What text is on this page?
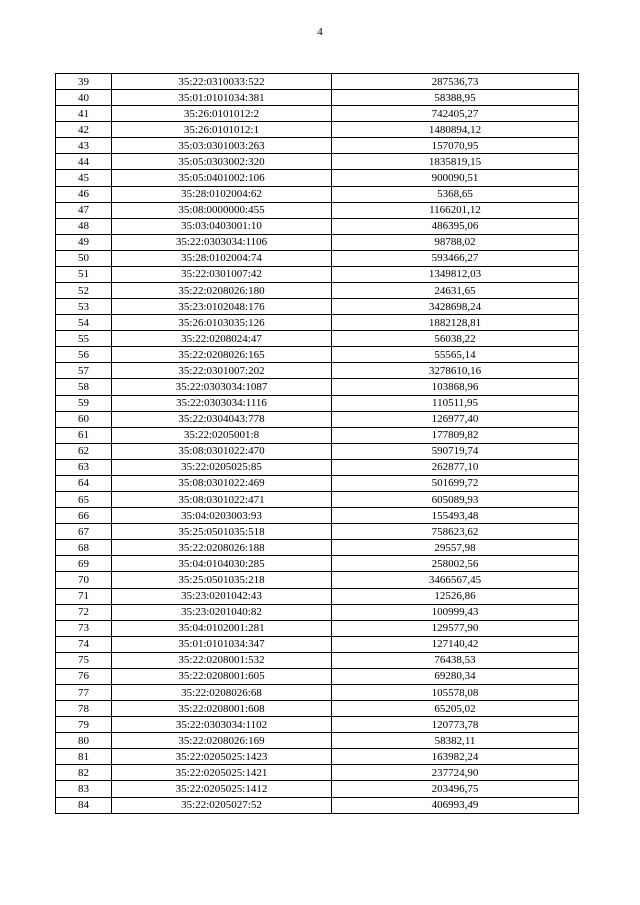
4
39	35:22:0310033:522	287536,73
40	35:01:0101034:381	58388,95
41	35:26:0101012:2	742405,27
42	35:26:0101012:1	1480894,12
43	35:03:0301003:263	157070,95
44	35:05:0303002:320	1835819,15
45	35:05:0401002:106	900090,51
46	35:28:0102004:62	5368,65
47	35:08:0000000:455	1166201,12
48	35:03:0403001:10	486395,06
49	35:22:0303034:1106	98788,02
50	35:28:0102004:74	593466,27
51	35:22:0301007:42	1349812,03
52	35:22:0208026:180	24631,65
53	35:23:0102048:176	3428698,24
54	35:26:0103035:126	1882128,81
55	35:22:0208024:47	56038,22
56	35:22:0208026:165	55565,14
57	35:22:0301007:202	3278610,16
58	35:22:0303034:1087	103868,96
59	35:22:0303034:1116	110511,95
60	35:22:0304043:778	126977,40
61	35:22:0205001:8	177809,82
62	35:08:0301022:470	590719,74
63	35:22:0205025:85	262877,10
64	35:08:0301022:469	501699,72
65	35:08:0301022:471	605089,93
66	35:04:0203003:93	155493,48
67	35:25:0501035:518	758623,62
68	35:22:0208026:188	29557,98
69	35:04:0104030:285	258002,56
70	35:25:0501035:218	3466567,45
71	35:23:0201042:43	12526,86
72	35:23:0201040:82	100999,43
73	35:04:0102001:281	129577,90
74	35:01:0101034:347	127140,42
75	35:22:0208001:532	76438,53
76	35:22:0208001:605	69280,34
77	35:22:0208026:68	105578,08
78	35:22:0208001:608	65205,02
79	35:22:0303034:1102	120773,78
80	35:22:0208026:169	58382,11
81	35:22:0205025:1423	163982,24
82	35:22:0205025:1421	237724,90
83	35:22:0205025:1412	203496,75
84	35:22:0205027:52	406993,49
